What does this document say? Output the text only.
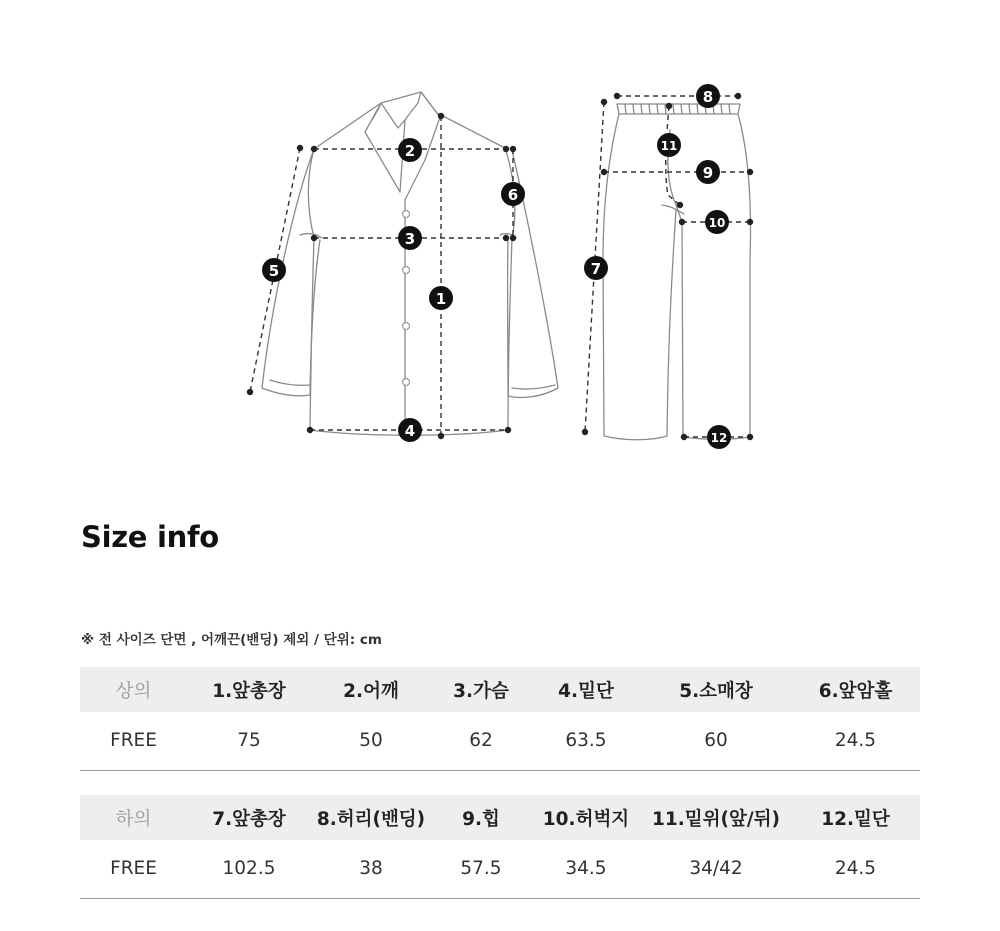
1
2
3
4
5
6
7
8
9
10
11
12
Size info
※ 전 사이즈 단면 , 어깨끈(밴딩) 제외 / 단위: cm
상의	1.앞총장	2.어깨	3.가슴	4.밑단	5.소매장	6.앞암홀
FREE	75	50	62	63.5	60	24.5
하의	7.앞총장	8.허리(밴딩)	9.힙	10.허벅지	11.밑위(앞/뒤)	12.밑단
FREE	102.5	38	57.5	34.5	34/42	24.5
